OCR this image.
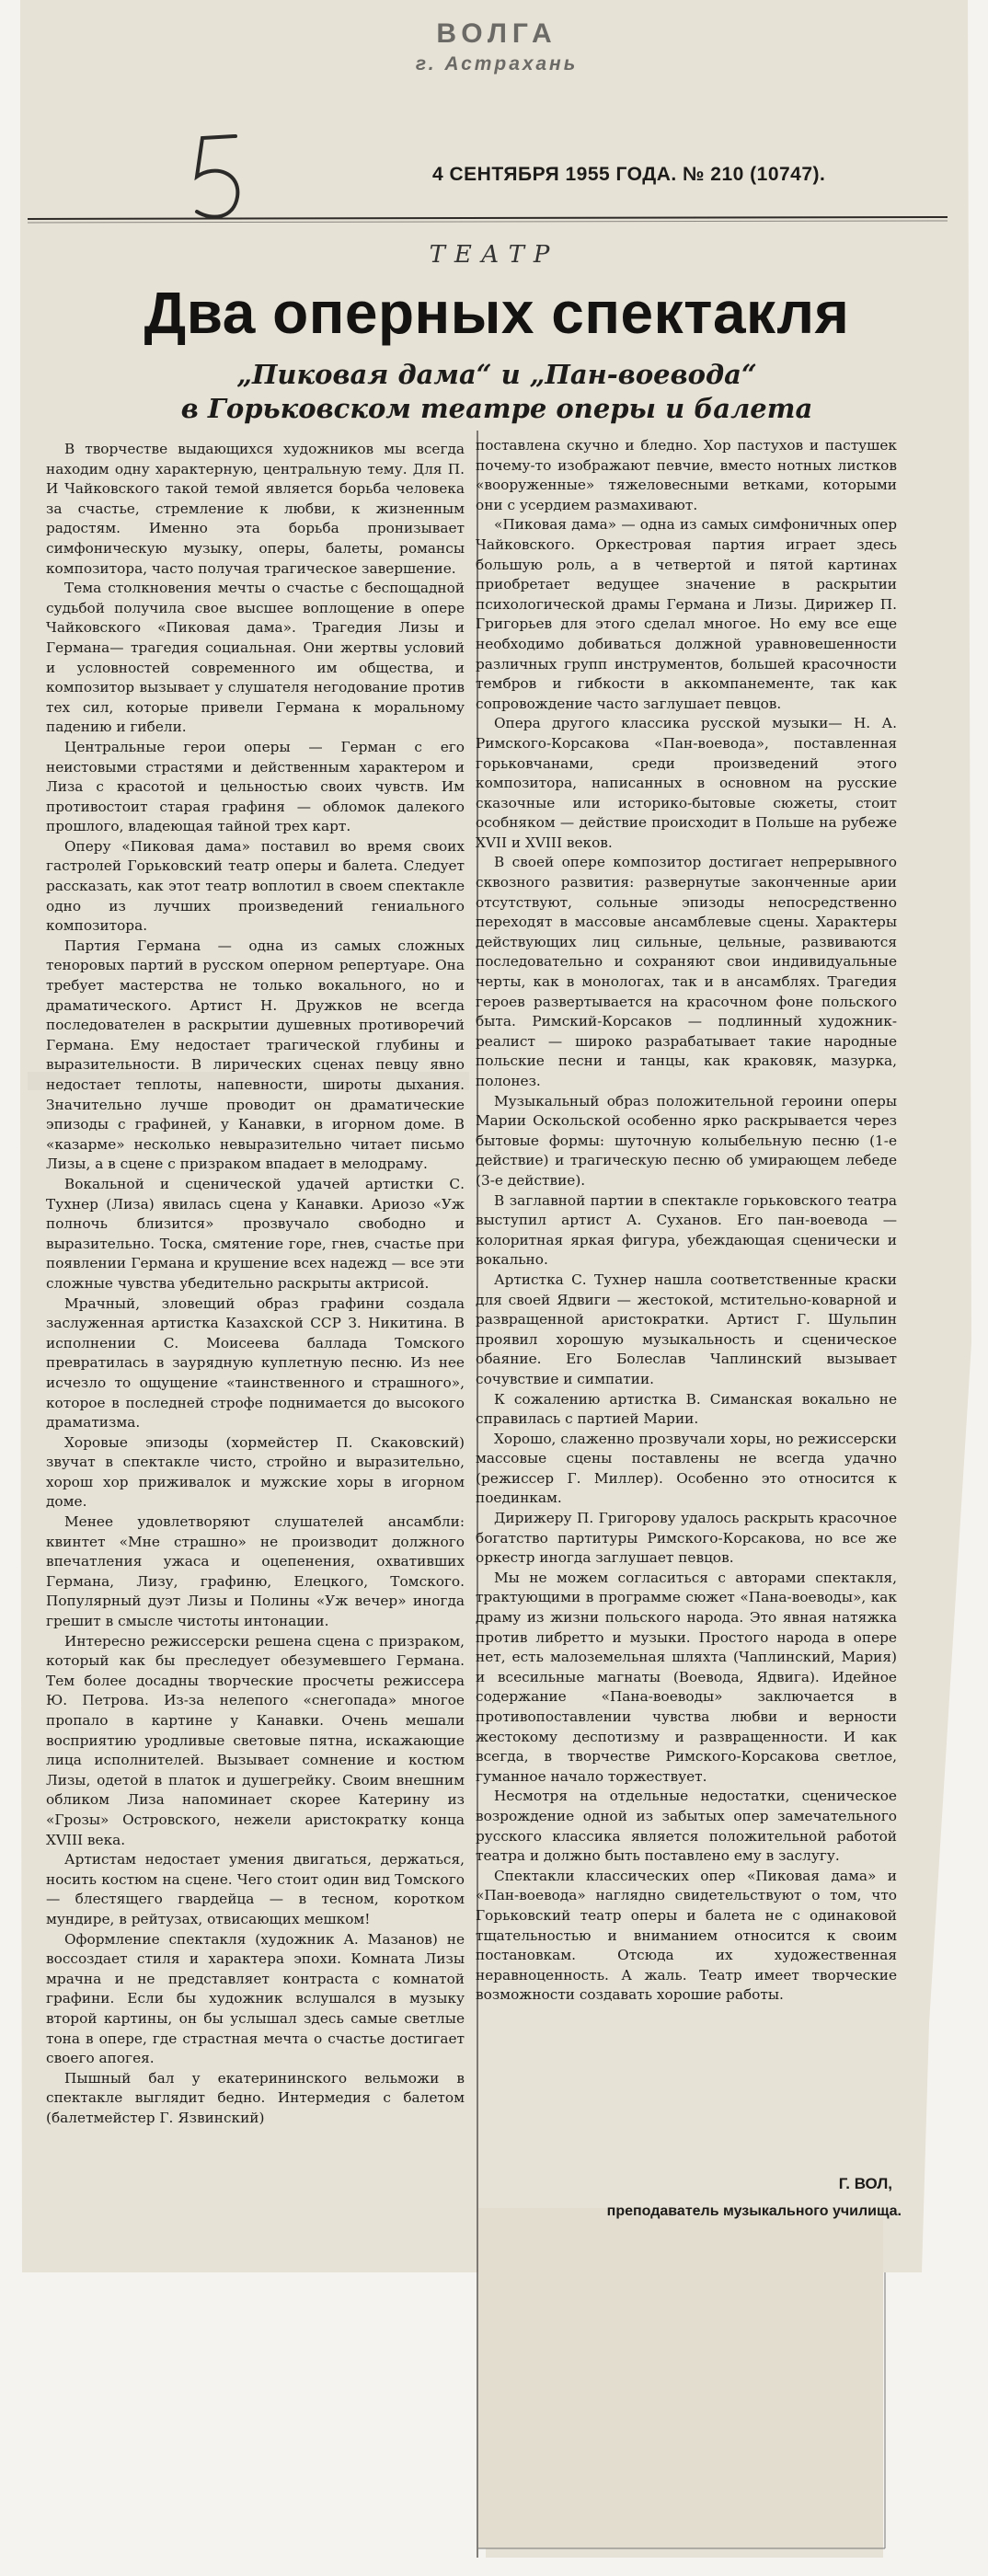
ВОЛГА
г. Астрахань
4 СЕНТЯБРЯ 1955 ГОДА. № 210 (10747).
ТЕАТР
Два оперных спектакля
„Пиковая дама“ и „Пан-воевода“
в Горьковском театре оперы и балета

В творчестве выдающихся художников мы всегда находим одну характерную, центральную тему. Для П. И Чайковского такой темой является борьба человека за счастье, стремление к любви, к жизненным радостям. Именно эта борьба пронизывает симфоническую музыку, оперы, балеты, романсы композитора, часто получая трагическое завершение.

Тема столкновения мечты о счастье с беспощадной судьбой получила свое высшее воплощение в опере Чайковского «Пиковая дама». Трагедия Лизы и Германа— трагедия социальная. Они жертвы условий и условностей современного им общества, и композитор вызывает у слушателя негодование против тех сил, которые привели Германа к моральному падению и гибели.

Центральные герои оперы — Герман с его неистовыми страстями и действенным характером и Лиза с красотой и цельностью своих чувств. Им противостоит старая графиня — обломок далекого прошлого, владеющая тайной трех карт.

Оперу «Пиковая дама» поставил во время своих гастролей Горьковский театр оперы и балета. Следует рассказать, как этот театр воплотил в своем спектакле одно из лучших произведений гениального композитора.

Партия Германа — одна из самых сложных теноровых партий в русском оперном репертуаре. Она требует мастерства не только вокального, но и драматического. Артист Н. Дружков не всегда последователен в раскрытии душевных противоречий Германа. Ему недостает трагической глубины и выразительности. В лирических сценах певцу явно недостает теплоты, напевности, широты дыхания. Значительно лучше проводит он драматические эпизоды с графиней, у Канавки, в игорном доме. В «казарме» несколько невыразительно читает письмо Лизы, а в сцене с призраком впадает в мелодраму.

Вокальной и сценической удачей артистки С. Тухнер (Лиза) явилась сцена у Канавки. Ариозо «Уж полночь близится» прозвучало свободно и выразительно. Тоска, смятение горе, гнев, счастье при появлении Германа и крушение всех надежд — все эти сложные чувства убедительно раскрыты актрисой.

Мрачный, зловещий образ графини создала заслуженная артистка Казахской ССР З. Никитина. В исполнении С. Моисеева баллада Томского превратилась в заурядную куплетную песню. Из нее исчезло то ощущение «таинственного и страшного», которое в последней строфе поднимается до высокого драматизма.

Хоровые эпизоды (хормейстер П. Скаковский) звучат в спектакле чисто, стройно и выразительно, хорош хор приживалок и мужские хоры в игорном доме.

Менее удовлетворяют слушателей ансамбли: квинтет «Мне страшно» не производит должного впечатления ужаса и оцепенения, охвативших Германа, Лизу, графиню, Елецкого, Томского. Популярный дуэт Лизы и Полины «Уж вечер» иногда грешит в смысле чистоты интонации.

Интересно режиссерски решена сцена с призраком, который как бы преследует обезумевшего Германа. Тем более досадны творческие просчеты режиссера Ю. Петрова. Из-за нелепого «снегопада» многое пропало в картине у Канавки. Очень мешали восприятию уродливые световые пятна, искажающие лица исполнителей. Вызывает сомнение и костюм Лизы, одетой в платок и душегрейку. Своим внешним обликом Лиза напоминает скорее Катерину из «Грозы» Островского, нежели аристократку конца XVIII века.

Артистам недостает умения двигаться, держаться, носить костюм на сцене. Чего стоит один вид Томского — блестящего гвардейца — в тесном, коротком мундире, в рейтузах, отвисающих мешком!

Оформление спектакля (художник А. Мазанов) не воссоздает стиля и характера эпохи. Комната Лизы мрачна и не представляет контраста с комнатой графини. Если бы художник вслушался в музыку второй картины, он бы услышал здесь самые светлые тона в опере, где страстная мечта о счастье достигает своего апогея.

Пышный бал у екатерининского вельможи в спектакле выглядит бедно. Интермедия с балетом (балетмейстер Г. Язвинский)

поставлена скучно и бледно. Хор пастухов и пастушек почему-то изображают певчие, вместо нотных листков «вооруженные» тяжеловесными ветками, которыми они с усердием размахивают.

«Пиковая дама» — одна из самых симфоничных опер Чайковского. Оркестровая партия играет здесь большую роль, а в четвертой и пятой картинах приобретает ведущее значение в раскрытии психологической драмы Германа и Лизы. Дирижер П. Григорьев для этого сделал многое. Но ему все еще необходимо добиваться должной уравновешенности различных групп инструментов, большей красочности тембров и гибкости в аккомпанементе, так как сопровождение часто заглушает певцов.

Опера другого классика русской музыки— Н. А. Римского-Корсакова «Пан-воевода», поставленная горьковчанами, среди произведений этого композитора, написанных в основном на русские сказочные или историко-бытовые сюжеты, стоит особняком — действие происходит в Польше на рубеже XVII и XVIII веков.

В своей опере композитор достигает непрерывного сквозного развития: развернутые законченные арии отсутствуют, сольные эпизоды непосредственно переходят в массовые ансамблевые сцены. Характеры действующих лиц сильные, цельные, развиваются последовательно и сохраняют свои индивидуальные черты, как в монологах, так и в ансамблях. Трагедия героев развертывается на красочном фоне польского быта. Римский-Корсаков — подлинный художник-реалист — широко разрабатывает такие народные польские песни и танцы, как краковяк, мазурка, полонез.

Музыкальный образ положительной героини оперы Марии Оскольской особенно ярко раскрывается через бытовые формы: шуточную колыбельную песню (1-е действие) и трагическую песню об умирающем лебеде (3-е действие).

В заглавной партии в спектакле горьковского театра выступил артист А. Суханов. Его пан-воевода — колоритная яркая фигура, убеждающая сценически и вокально.

Артистка С. Тухнер нашла соответственные краски для своей Ядвиги — жестокой, мстительно-коварной и развращенной аристократки. Артист Г. Шульпин проявил хорошую музыкальность и сценическое обаяние. Его Болеслав Чаплинский вызывает сочувствие и симпатии.

К сожалению артистка В. Симанская вокально не справилась с партией Марии.

Хорошо, слаженно прозвучали хоры, но режиссерски массовые сцены поставлены не всегда удачно (режиссер Г. Миллер). Особенно это относится к поединкам.

Дирижеру П. Григорову удалось раскрыть красочное богатство партитуры Римского-Корсакова, но все же оркестр иногда заглушает певцов.

Мы не можем согласиться с авторами спектакля, трактующими в программе сюжет «Пана-воеводы», как драму из жизни польского народа. Это явная натяжка против либретто и музыки. Простого народа в опере нет, есть малоземельная шляхта (Чаплинский, Мария) и всесильные магнаты (Воевода, Ядвига). Идейное содержание «Пана-воеводы» заключается в противопоставлении чувства любви и верности жестокому деспотизму и развращенности. И как всегда, в творчестве Римского-Корсакова светлое, гуманное начало торжествует.

Несмотря на отдельные недостатки, сценическое возрождение одной из забытых опер замечательного русского классика является положительной работой театра и должно быть поставлено ему в заслугу.

Спектакли классических опер «Пиковая дама» и «Пан-воевода» наглядно свидетельствуют о том, что Горьковский театр оперы и балета не с одинаковой тщательностью и вниманием относится к своим постановкам. Отсюда их художественная неравноценность. А жаль. Театр имеет творческие возможности создавать хорошие работы.

Г. ВОЛ,
преподаватель музыкального училища.
